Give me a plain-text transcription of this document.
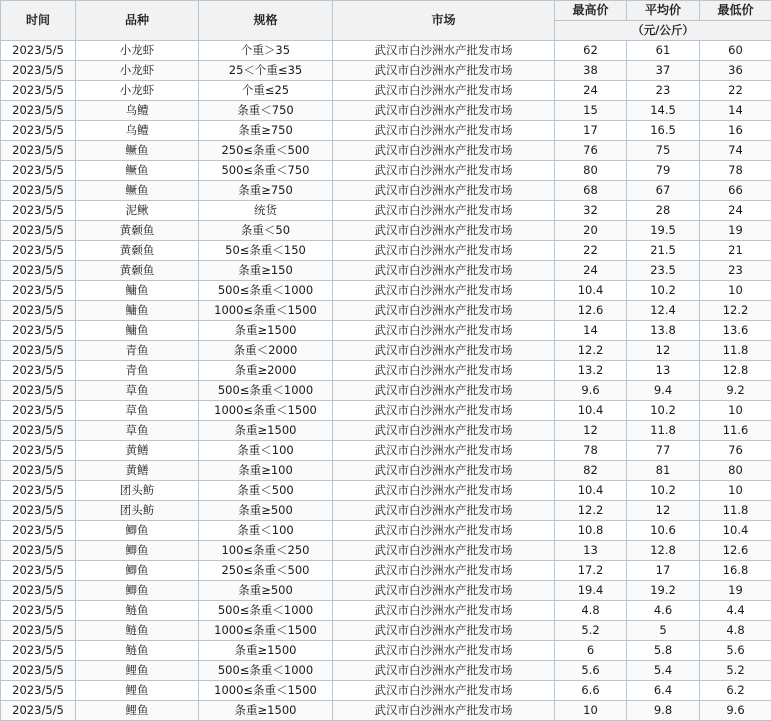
时间	品种	规格	市场	最高价	平均价	最低价
				（元/公斤）		
2023/5/5	小龙虾	个重＞35	武汉市白沙洲水产批发市场	62	61	60
2023/5/5	小龙虾	25＜个重≤35	武汉市白沙洲水产批发市场	38	37	36
2023/5/5	小龙虾	个重≤25	武汉市白沙洲水产批发市场	24	23	22
2023/5/5	乌鳢	条重＜750	武汉市白沙洲水产批发市场	15	14.5	14
2023/5/5	乌鳢	条重≥750	武汉市白沙洲水产批发市场	17	16.5	16
2023/5/5	鳜鱼	250≤条重＜500	武汉市白沙洲水产批发市场	76	75	74
2023/5/5	鳜鱼	500≤条重＜750	武汉市白沙洲水产批发市场	80	79	78
2023/5/5	鳜鱼	条重≥750	武汉市白沙洲水产批发市场	68	67	66
2023/5/5	泥鳅	统货	武汉市白沙洲水产批发市场	32	28	24
2023/5/5	黄颡鱼	条重＜50	武汉市白沙洲水产批发市场	20	19.5	19
2023/5/5	黄颡鱼	50≤条重＜150	武汉市白沙洲水产批发市场	22	21.5	21
2023/5/5	黄颡鱼	条重≥150	武汉市白沙洲水产批发市场	24	23.5	23
2023/5/5	鳙鱼	500≤条重＜1000	武汉市白沙洲水产批发市场	10.4	10.2	10
2023/5/5	鳙鱼	1000≤条重＜1500	武汉市白沙洲水产批发市场	12.6	12.4	12.2
2023/5/5	鳙鱼	条重≥1500	武汉市白沙洲水产批发市场	14	13.8	13.6
2023/5/5	青鱼	条重＜2000	武汉市白沙洲水产批发市场	12.2	12	11.8
2023/5/5	青鱼	条重≥2000	武汉市白沙洲水产批发市场	13.2	13	12.8
2023/5/5	草鱼	500≤条重＜1000	武汉市白沙洲水产批发市场	9.6	9.4	9.2
2023/5/5	草鱼	1000≤条重＜1500	武汉市白沙洲水产批发市场	10.4	10.2	10
2023/5/5	草鱼	条重≥1500	武汉市白沙洲水产批发市场	12	11.8	11.6
2023/5/5	黄鳝	条重＜100	武汉市白沙洲水产批发市场	78	77	76
2023/5/5	黄鳝	条重≥100	武汉市白沙洲水产批发市场	82	81	80
2023/5/5	团头鲂	条重＜500	武汉市白沙洲水产批发市场	10.4	10.2	10
2023/5/5	团头鲂	条重≥500	武汉市白沙洲水产批发市场	12.2	12	11.8
2023/5/5	鲫鱼	条重＜100	武汉市白沙洲水产批发市场	10.8	10.6	10.4
2023/5/5	鲫鱼	100≤条重＜250	武汉市白沙洲水产批发市场	13	12.8	12.6
2023/5/5	鲫鱼	250≤条重＜500	武汉市白沙洲水产批发市场	17.2	17	16.8
2023/5/5	鲫鱼	条重≥500	武汉市白沙洲水产批发市场	19.4	19.2	19
2023/5/5	鲢鱼	500≤条重＜1000	武汉市白沙洲水产批发市场	4.8	4.6	4.4
2023/5/5	鲢鱼	1000≤条重＜1500	武汉市白沙洲水产批发市场	5.2	5	4.8
2023/5/5	鲢鱼	条重≥1500	武汉市白沙洲水产批发市场	6	5.8	5.6
2023/5/5	鲤鱼	500≤条重＜1000	武汉市白沙洲水产批发市场	5.6	5.4	5.2
2023/5/5	鲤鱼	1000≤条重＜1500	武汉市白沙洲水产批发市场	6.6	6.4	6.2
2023/5/5	鲤鱼	条重≥1500	武汉市白沙洲水产批发市场	10	9.8	9.6
